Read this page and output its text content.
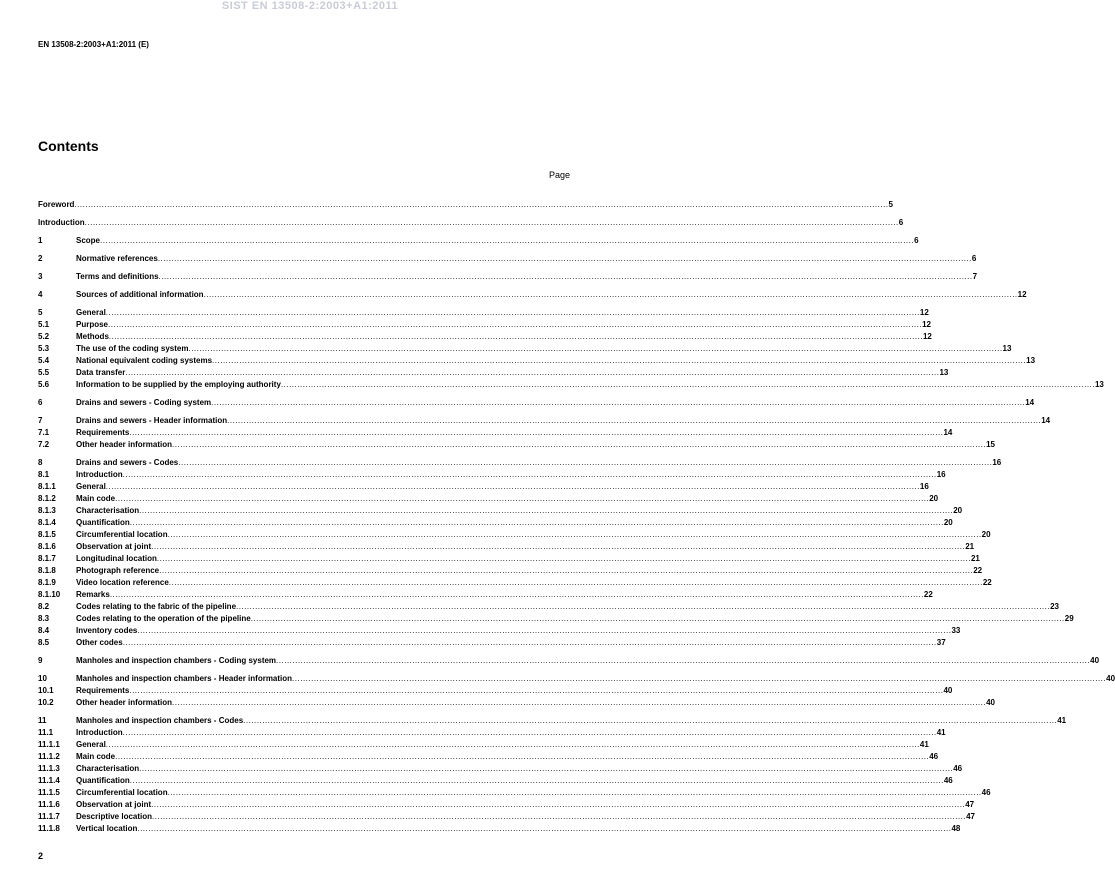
SIST EN 13508-2:2003+A1:2011
EN 13508-2:2003+A1:2011 (E)
Contents
Page
Foreword .....	5
Introduction .....	6
1	Scope .....	6
2	Normative references .....	6
3	Terms and definitions .....	7
4	Sources of additional information .....	12
5	General .....	12
5.1	Purpose .....	12
5.2	Methods .....	12
5.3	The use of the coding system .....	13
5.4	National equivalent coding systems .....	13
5.5	Data transfer .....	13
5.6	Information to be supplied by the employing authority .....	13
6	Drains and sewers - Coding system .....	14
7	Drains and sewers - Header information .....	14
7.1	Requirements .....	14
7.2	Other header information .....	15
8	Drains and sewers - Codes .....	16
8.1	Introduction .....	16
8.1.1	General .....	16
8.1.2	Main code .....	20
8.1.3	Characterisation .....	20
8.1.4	Quantification .....	20
8.1.5	Circumferential location .....	20
8.1.6	Observation at joint .....	21
8.1.7	Longitudinal location .....	21
8.1.8	Photograph reference .....	22
8.1.9	Video location reference .....	22
8.1.10	Remarks .....	22
8.2	Codes relating to the fabric of the pipeline .....	23
8.3	Codes relating to the operation of the pipeline .....	29
8.4	Inventory codes .....	33
8.5	Other codes .....	37
9	Manholes and inspection chambers - Coding system .....	40
10	Manholes and inspection chambers - Header information .....	40
10.1	Requirements .....	40
10.2	Other header information .....	40
11	Manholes and inspection chambers - Codes .....	41
11.1	Introduction .....	41
11.1.1	General .....	41
11.1.2	Main code .....	46
11.1.3	Characterisation .....	46
11.1.4	Quantification .....	46
11.1.5	Circumferential location .....	46
11.1.6	Observation at joint .....	47
11.1.7	Descriptive location .....	47
11.1.8	Vertical location .....	48
2
